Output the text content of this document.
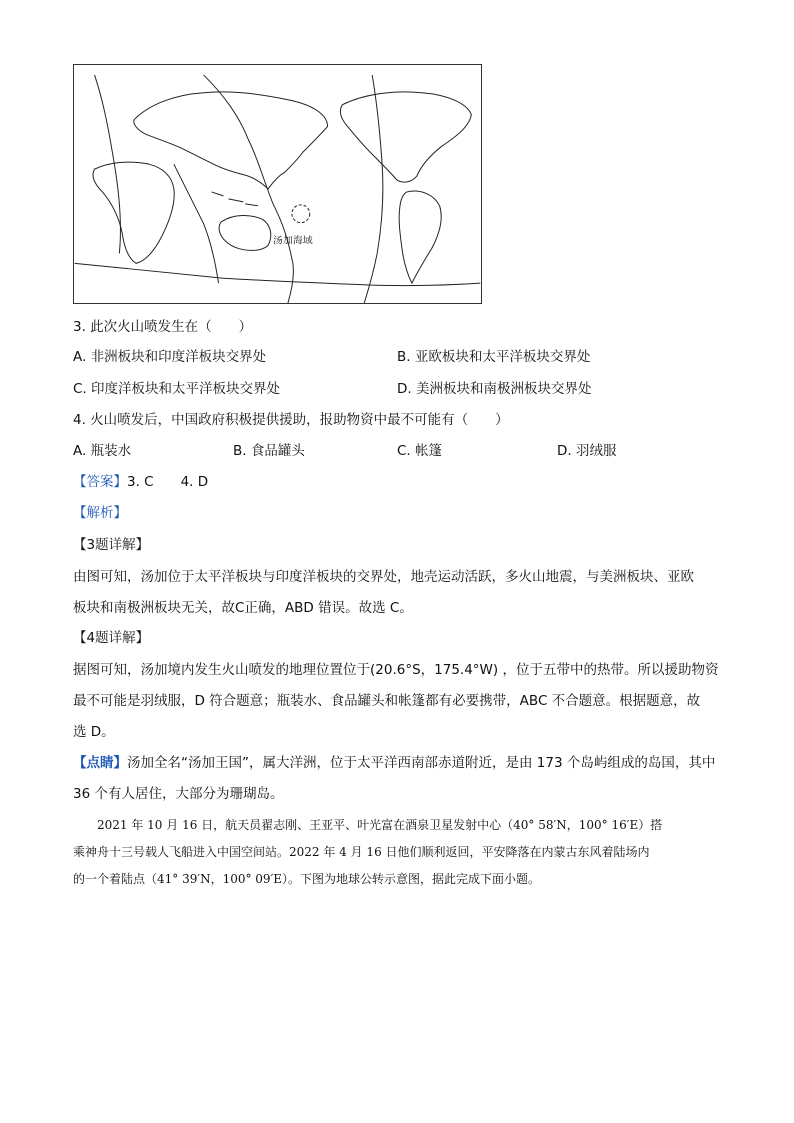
汤加海域
3. 此次火山喷发生在（　　）
A. 非洲板块和印度洋板块交界处	B. 亚欧板块和太平洋板块交界处
C. 印度洋板块和太平洋板块交界处	D. 美洲板块和南极洲板块交界处
4. 火山喷发后，中国政府积极提供援助，报助物资中最不可能有（　　）
A. 瓶装水	B. 食品罐头	C. 帐篷	D. 羽绒服
【答案】3. C　　4. D
【解析】
【3题详解】
由图可知，汤加位于太平洋板块与印度洋板块的交界处，地壳运动活跃，多火山地震，与美洲板块、亚欧
板块和南极洲板块无关，故C正确，ABD 错误。故选 C。
【4题详解】
据图可知，汤加境内发生火山喷发的地理位置位于(20.6°S，175.4°W) ，位于五带中的热带。所以援助物资
最不可能是羽绒服，D 符合题意；瓶装水、食品罐头和帐篷都有必要携带，ABC 不合题意。根据题意，故
选 D。
【点睛】汤加全名“汤加王国”，属大洋洲，位于太平洋西南部赤道附近，是由 173 个岛屿组成的岛国，其中
36 个有人居住，大部分为珊瑚岛。
　　2021 年 10 月 16 日，航天员翟志刚、王亚平、叶光富在酒泉卫星发射中心（40° 58′N，100° 16′E）搭
乘神舟十三号载人飞船进入中国空间站。2022 年 4 月 16 日他们顺利返回，平安降落在内蒙古东风着陆场内
的一个着陆点（41° 39′N，100° 09′E）。下图为地球公转示意图，据此完成下面小题。
